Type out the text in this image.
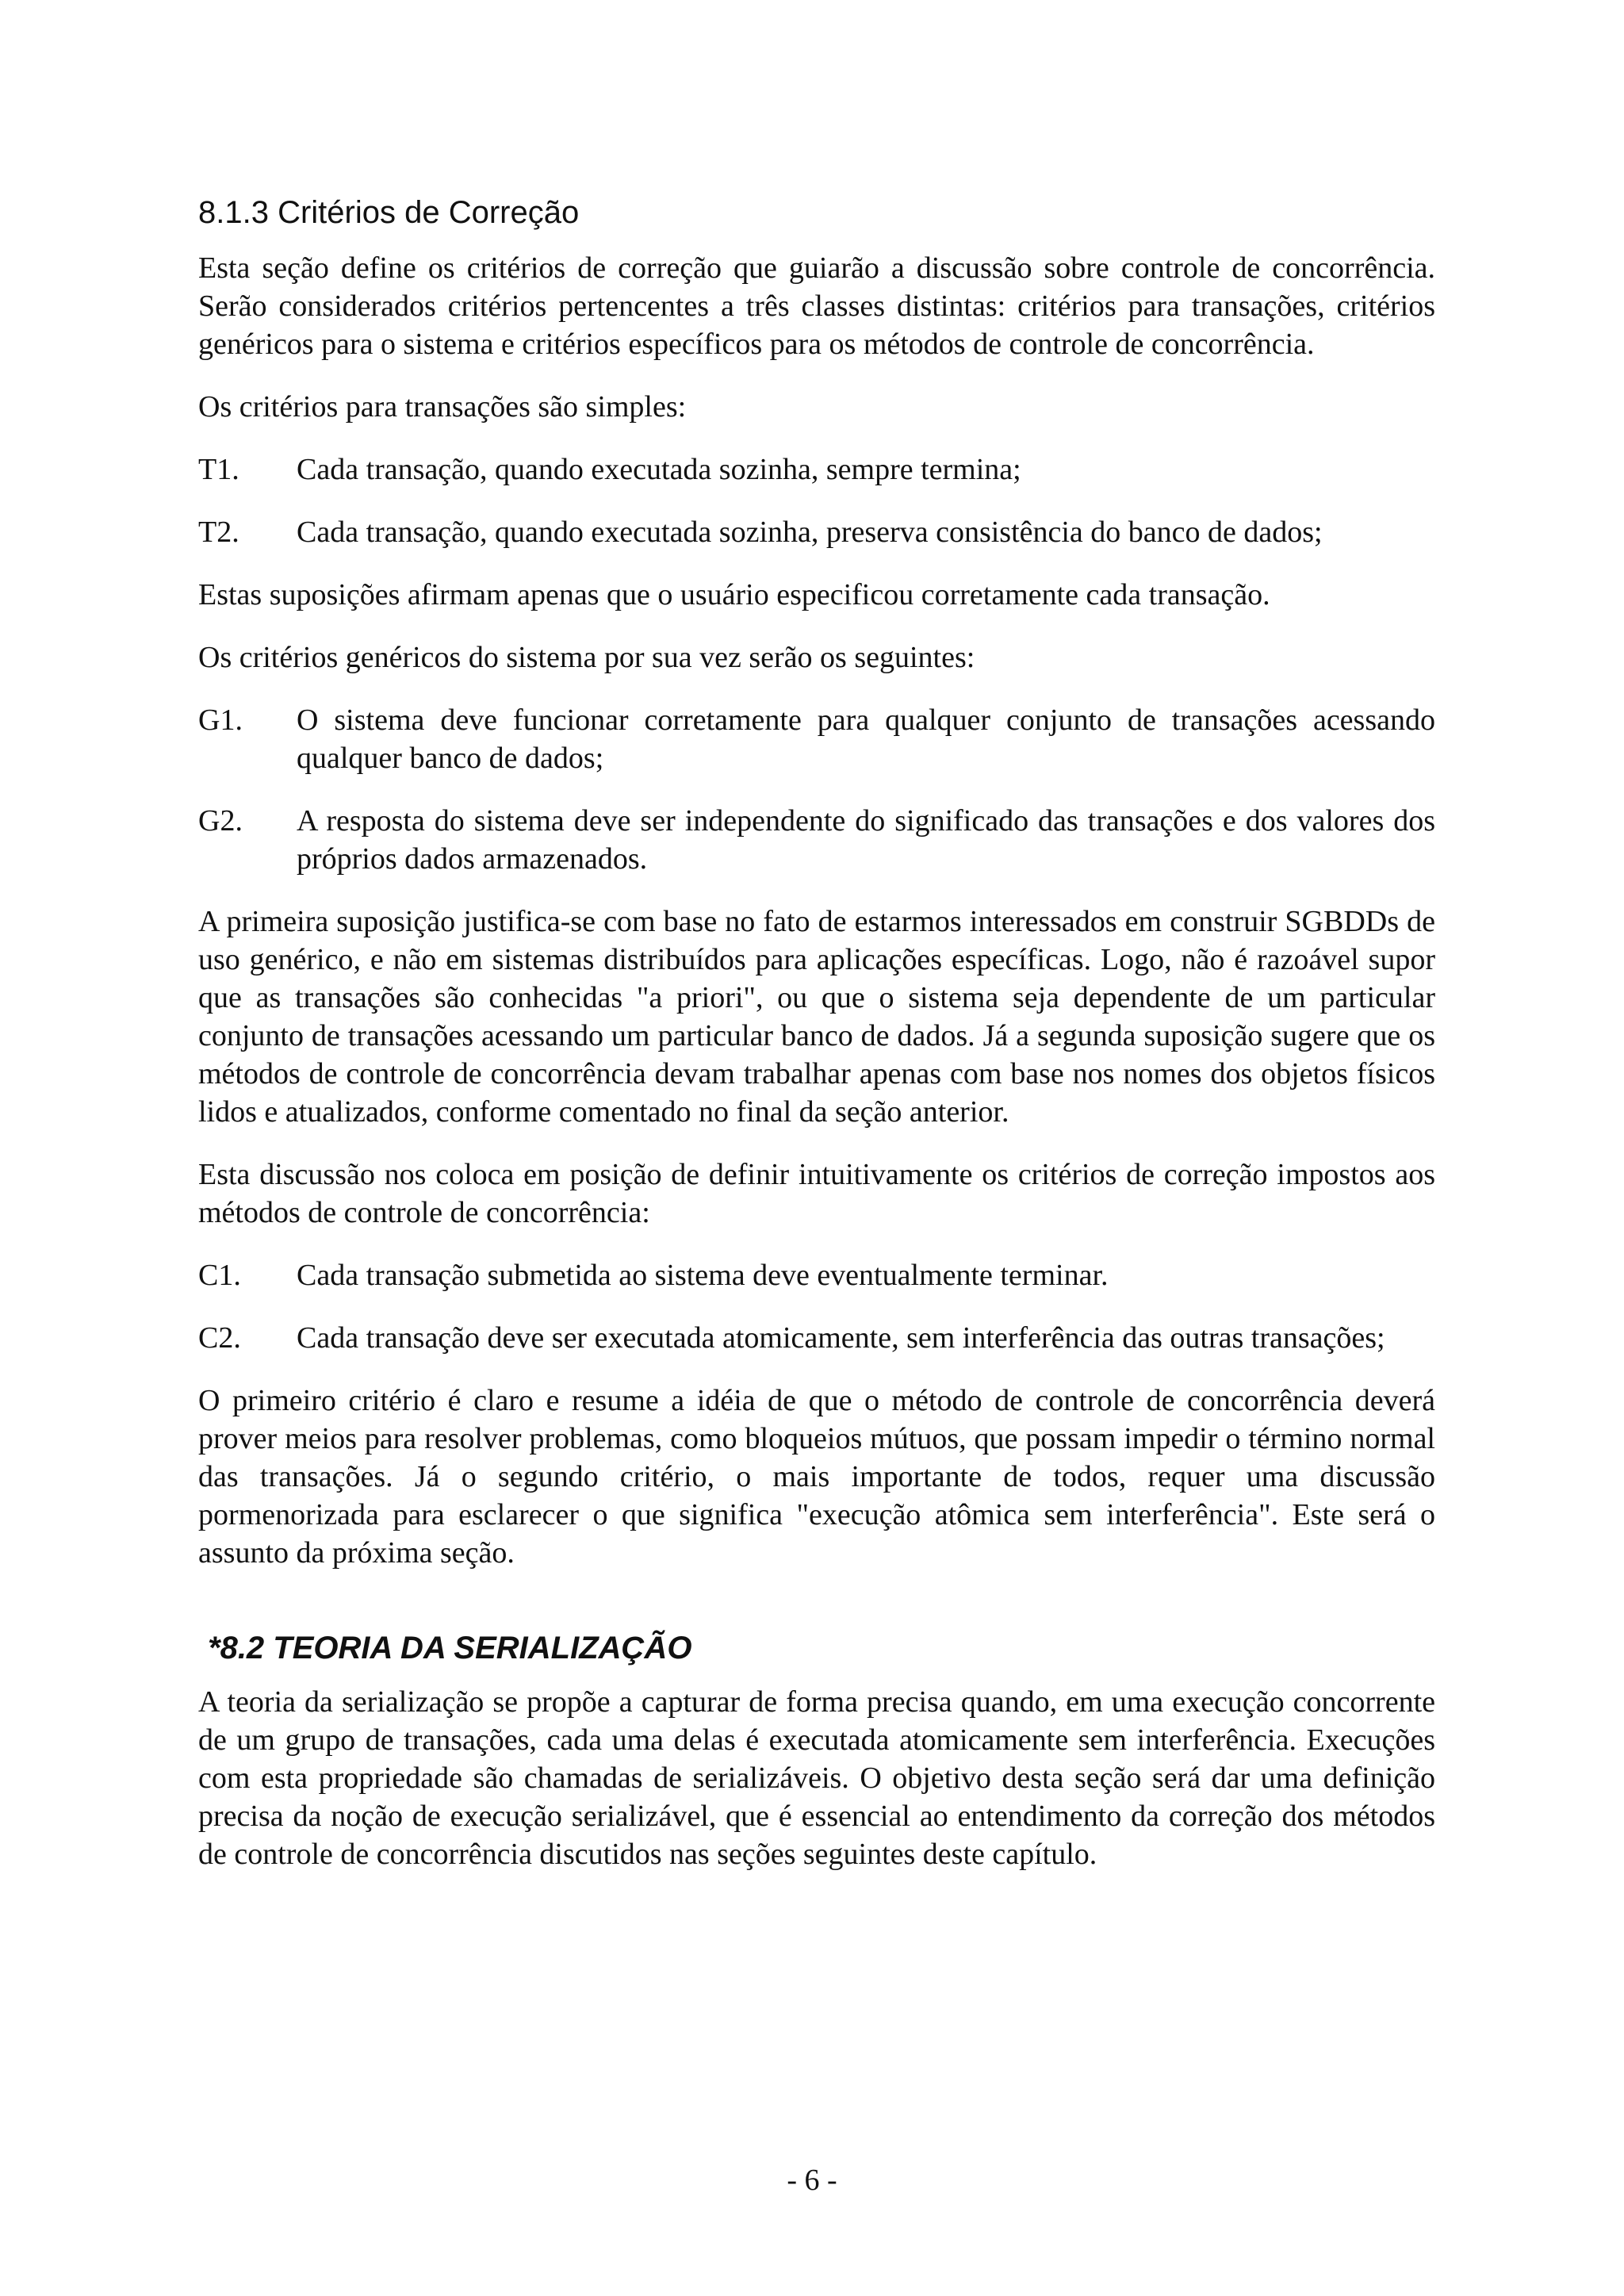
8.1.3 Critérios de Correção

Esta seção define os critérios de correção que guiarão a discussão sobre controle de concorrência. Serão considerados critérios pertencentes a três classes distintas: critérios para transações, critérios genéricos para o sistema e critérios específicos para os métodos de controle de concorrência.

Os critérios para transações são simples:

T1.	Cada transação, quando executada sozinha, sempre termina;
T2.	Cada transação, quando executada sozinha, preserva consistência do banco de dados;

Estas suposições afirmam apenas que o usuário especificou corretamente cada transação.

Os critérios genéricos do sistema por sua vez serão os seguintes:

G1.	O sistema deve funcionar corretamente para qualquer conjunto de transações acessando qualquer banco de dados;
G2.	A resposta do sistema deve ser independente do significado das transações e dos valores dos próprios dados armazenados.

A primeira suposição justifica-se com base no fato de estarmos interessados em construir SGBDDs de uso genérico, e não em sistemas distribuídos para aplicações específicas. Logo, não é razoável supor que as transações são conhecidas "a priori", ou que o sistema seja dependente de um particular conjunto de transações acessando um particular banco de dados. Já a segunda suposição sugere que os métodos de controle de concorrência devam trabalhar apenas com base nos nomes dos objetos físicos lidos e atualizados, conforme comentado no final da seção anterior.

Esta discussão nos coloca em posição de definir intuitivamente os critérios de correção impostos aos métodos de controle de concorrência:

C1.	Cada transação submetida ao sistema deve eventualmente terminar.
C2.	Cada transação deve ser executada atomicamente, sem interferência das outras transações;

O primeiro critério é claro e resume a idéia de que o método de controle de concorrência deverá prover meios para resolver problemas, como bloqueios mútuos, que possam impedir o término normal das transações. Já o segundo critério, o mais importante de todos, requer uma discussão pormenorizada para esclarecer o que significa "execução atômica sem interferência". Este será o assunto da próxima seção.

*8.2 TEORIA DA SERIALIZAÇÃO

A teoria da serialização se propõe a capturar de forma precisa quando, em uma execução concorrente de um grupo de transações, cada uma delas é executada atomicamente sem interferência. Execuções com esta propriedade são chamadas de serializáveis. O objetivo desta seção será dar uma definição precisa da noção de execução serializável, que é essencial ao entendimento da correção dos métodos de controle de concorrência discutidos nas seções seguintes deste capítulo.

- 6 -
